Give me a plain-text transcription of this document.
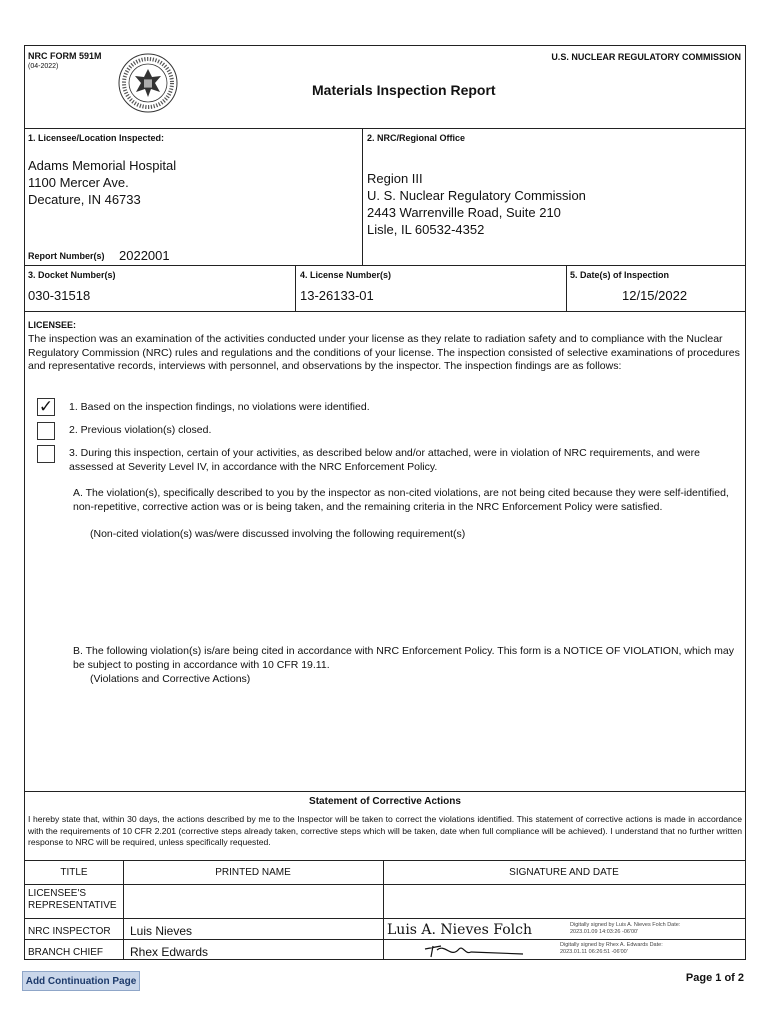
NRC FORM 591M
(04-2022)
U.S. NUCLEAR REGULATORY COMMISSION
Materials Inspection Report
1. Licensee/Location Inspected:
Adams Memorial Hospital
1100 Mercer Ave.
Decature, IN 46733
Report Number(s) 2022001
2. NRC/Regional Office
Region III
U. S. Nuclear Regulatory Commission
2443 Warrenville Road, Suite 210
Lisle, IL 60532-4352
3. Docket Number(s)
030-31518
4. License Number(s)
13-26133-01
5. Date(s) of Inspection
12/15/2022
LICENSEE:
The inspection was an examination of the activities conducted under your license as they relate to radiation safety and to compliance with the Nuclear Regulatory Commission (NRC) rules and regulations and the conditions of your license. The inspection consisted of selective examinations of procedures and representative records, interviews with personnel, and observations by the inspector. The inspection findings are as follows:
✓ 1. Based on the inspection findings, no violations were identified.
2. Previous violation(s) closed.
3. During this inspection, certain of your activities, as described below and/or attached, were in violation of NRC requirements, and were assessed at Severity Level IV, in accordance with the NRC Enforcement Policy.
A. The violation(s), specifically described to you by the inspector as non-cited violations, are not being cited because they were self-identified, non-repetitive, corrective action was or is being taken, and the remaining criteria in the NRC Enforcement Policy were satisfied.
(Non-cited violation(s) was/were discussed involving the following requirement(s)
B. The following violation(s) is/are being cited in accordance with NRC Enforcement Policy. This form is a NOTICE OF VIOLATION, which may be subject to posting in accordance with 10 CFR 19.11.
(Violations and Corrective Actions)
Statement of Corrective Actions
I hereby state that, within 30 days, the actions described by me to the Inspector will be taken to correct the violations identified. This statement of corrective actions is made in accordance with the requirements of 10 CFR 2.201 (corrective steps already taken, corrective steps which will be taken, date when full compliance will be achieved). I understand that no further written response to NRC will be required, unless specifically requested.
TITLE	PRINTED NAME	SIGNATURE AND DATE
LICENSEE'S REPRESENTATIVE
NRC INSPECTOR Luis Nieves	Luis A. Nieves Folch	Digitally signed by Luis A. Nieves Folch Date: 2023.01.09 14:03:26 -06'00'
BRANCH CHIEF Rhex Edwards	Digitally signed by Rhex A. Edwards Date: 2023.01.11 06:26:51 -06'00'
Add Continuation Page	Page 1 of 2
